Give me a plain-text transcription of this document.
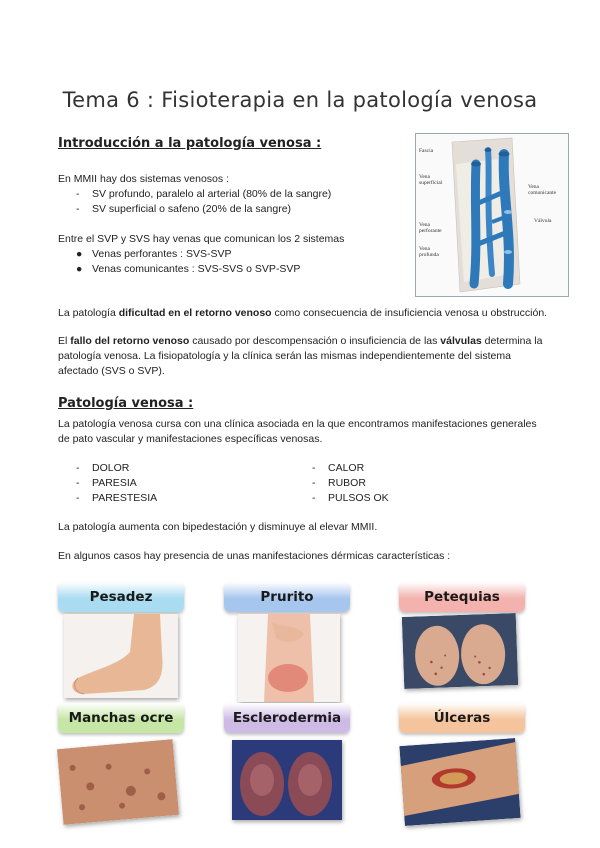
Tema 6 : Fisioterapia en la patología venosa
Introducción a la patología venosa :
En MMII hay dos sistemas venosos :
- SV profundo, paralelo al arterial (80% de la sangre)
- SV superficial o safeno (20% de la sangre)
Entre el SVP y SVS hay venas que comunican los 2 sistemas
● Venas perforantes : SVS-SVP
● Venas comunicantes : SVS-SVS o SVP-SVP
La patología dificultad en el retorno venoso como consecuencia de insuficiencia venosa u obstrucción.
El fallo del retorno venoso causado por descompensación o insuficiencia de las válvulas determina la patología venosa. La fisiopatología y la clínica serán las mismas independientemente del sistema afectado (SVS o SVP).
Fascia
Vena superficial
Vena comunicante
Válvula
Vena perforante
Vena profunda
Patología venosa :
La patología venosa cursa con una clínica asociada en la que encontramos manifestaciones generales de pato vascular y manifestaciones específicas venosas.
- DOLOR
- PARESIA
- PARESTESIA
- CALOR
- RUBOR
- PULSOS OK
La patología aumenta con bipedestación y disminuye al elevar MMII.
En algunos casos hay presencia de unas manifestaciones dérmicas características :
Pesadez	Prurito	Petequias
Manchas ocre	Esclerodermia	Úlceras
